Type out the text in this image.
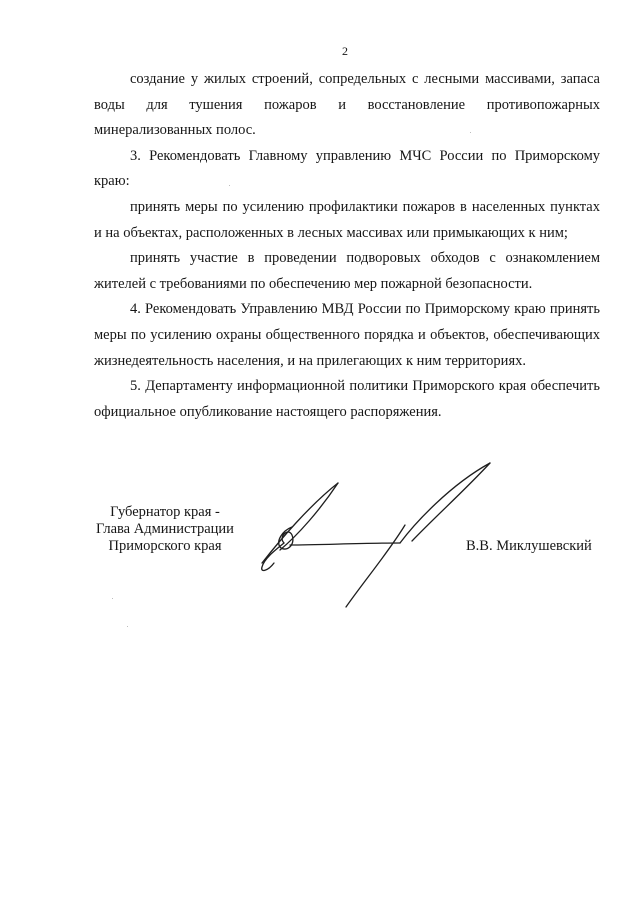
2

создание у жилых строений, сопредельных с лесными массивами, запаса воды для тушения пожаров и восстановление противопожарных минерализованных полос.

3. Рекомендовать Главному управлению МЧС России по Приморскому краю:

принять меры по усилению профилактики пожаров в населенных пунктах и на объектах, расположенных в лесных массивах или примыкающих к ним;

принять участие в проведении подворовых обходов с ознакомлением жителей с требованиями по обеспечению мер пожарной безопасности.

4. Рекомендовать Управлению МВД России по Приморскому краю принять меры по усилению охраны общественного порядка и объектов, обеспечивающих жизнедеятельность населения, и на прилегающих к ним территориях.

5. Департаменту информационной политики Приморского края обеспечить официальное опубликование настоящего распоряжения.

Губернатор края -
Глава Администрации
Приморского края	В.В. Миклушевский
